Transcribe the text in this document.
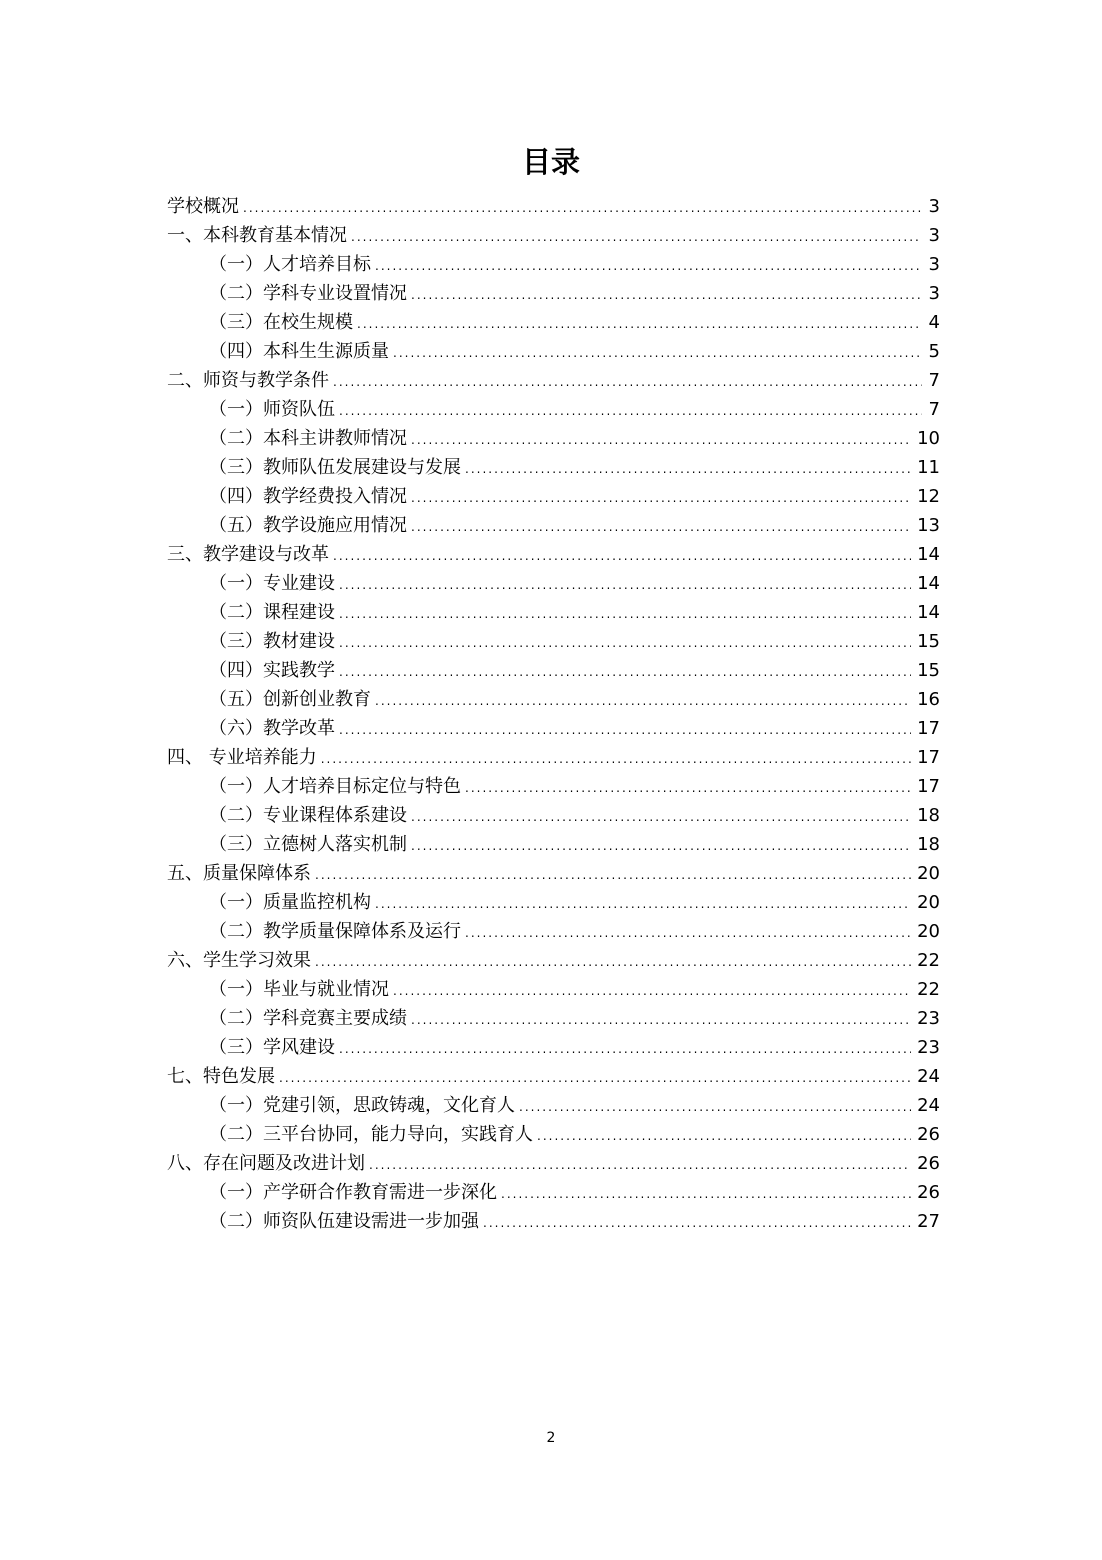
目录
学校概况 .....	3
一、本科教育基本情况 .....	3
（一）人才培养目标 .....	3
（二）学科专业设置情况 .....	3
（三）在校生规模 .....	4
（四）本科生生源质量 .....	5
二、师资与教学条件 .....	7
（一）师资队伍 .....	7
（二）本科主讲教师情况 .....	10
（三）教师队伍发展建设与发展 .....	11
（四）教学经费投入情况 .....	12
（五）教学设施应用情况 .....	13
三、教学建设与改革 .....	14
（一）专业建设 .....	14
（二）课程建设 .....	14
（三）教材建设 .....	15
（四）实践教学 .....	15
（五）创新创业教育 .....	16
（六）教学改革 .....	17
四、 专业培养能力 .....	17
（一）人才培养目标定位与特色 .....	17
（二）专业课程体系建设 .....	18
（三）立德树人落实机制 .....	18
五、质量保障体系 .....	20
（一）质量监控机构 .....	20
（二）教学质量保障体系及运行 .....	20
六、学生学习效果 .....	22
（一）毕业与就业情况 .....	22
（二）学科竞赛主要成绩 .....	23
（三）学风建设 .....	23
七、特色发展 .....	24
（一）党建引领，思政铸魂，文化育人 .....	24
（二）三平台协同，能力导向，实践育人 .....	26
八、存在问题及改进计划 .....	26
（一）产学研合作教育需进一步深化 .....	26
（二）师资队伍建设需进一步加强 .....	27
2
